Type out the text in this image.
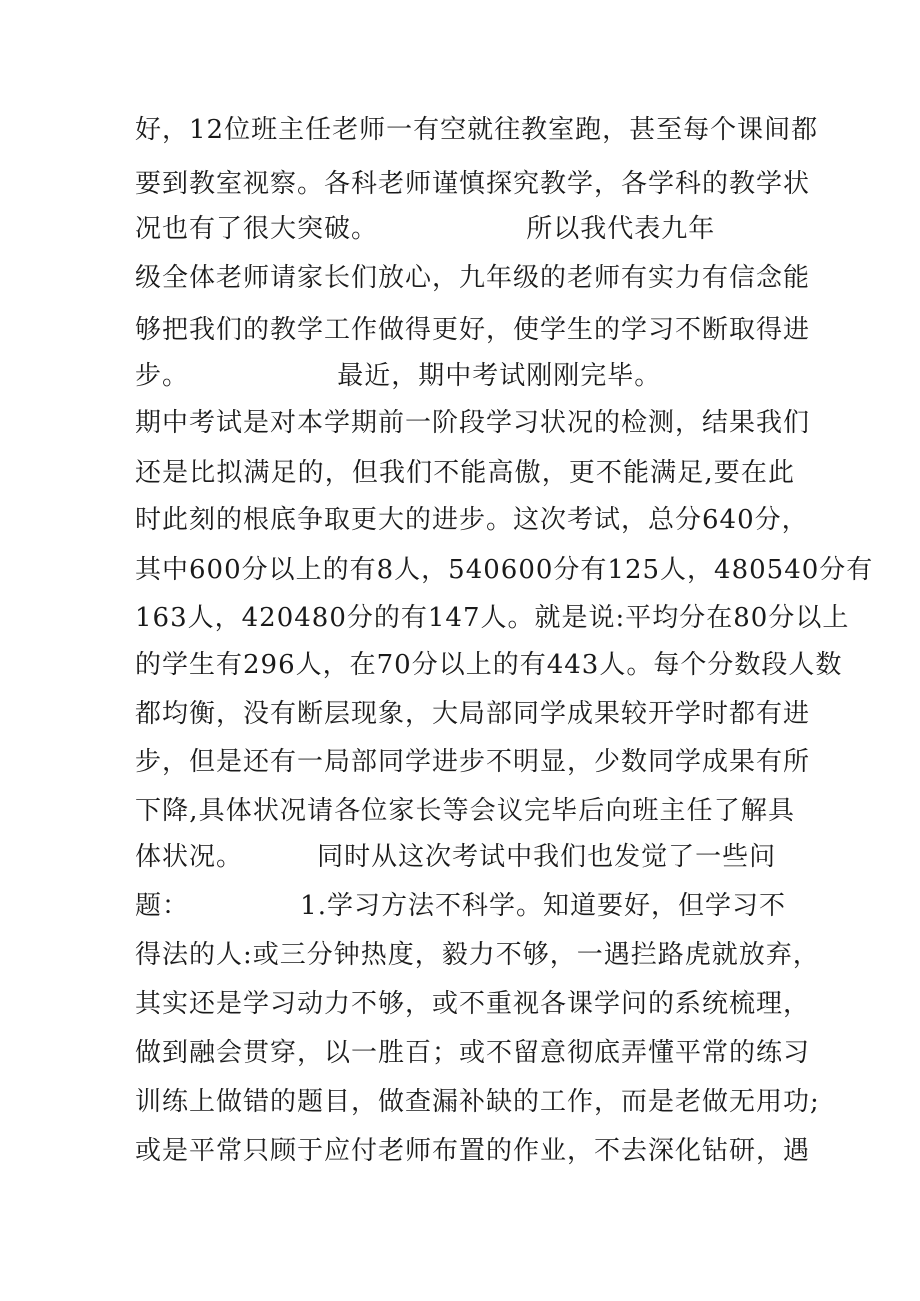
好，12位班主任老师一有空就往教室跑，甚至每个课间都
要到教室视察。各科老师谨慎探究教学，各学科的教学状
况也有了很大突破。                所以我代表九年
级全体老师请家长们放心，九年级的老师有实力有信念能
够把我们的教学工作做得更好，使学生的学习不断取得进
步。                最近，期中考试刚刚完毕。
期中考试是对本学期前一阶段学习状况的检测，结果我们
还是比拟满足的，但我们不能高傲，更不能满足,要在此
时此刻的根底争取更大的进步。这次考试，总分640分，
其中600分以上的有8人，540600分有125人，480540分有
163人，420480分的有147人。就是说:平均分在80分以上
的学生有296人，在70分以上的有443人。每个分数段人数
都均衡，没有断层现象，大局部同学成果较开学时都有进
步，但是还有一局部同学进步不明显，少数同学成果有所
下降,具体状况请各位家长等会议完毕后向班主任了解具
体状况。        同时从这次考试中我们也发觉了一些问
题：            1.学习方法不科学。知道要好，但学习不
得法的人:或三分钟热度，毅力不够，一遇拦路虎就放弃，
其实还是学习动力不够，或不重视各课学问的系统梳理，
做到融会贯穿，以一胜百；或不留意彻底弄懂平常的练习
训练上做错的题目，做查漏补缺的工作，而是老做无用功;
或是平常只顾于应付老师布置的作业，不去深化钻研，遇
